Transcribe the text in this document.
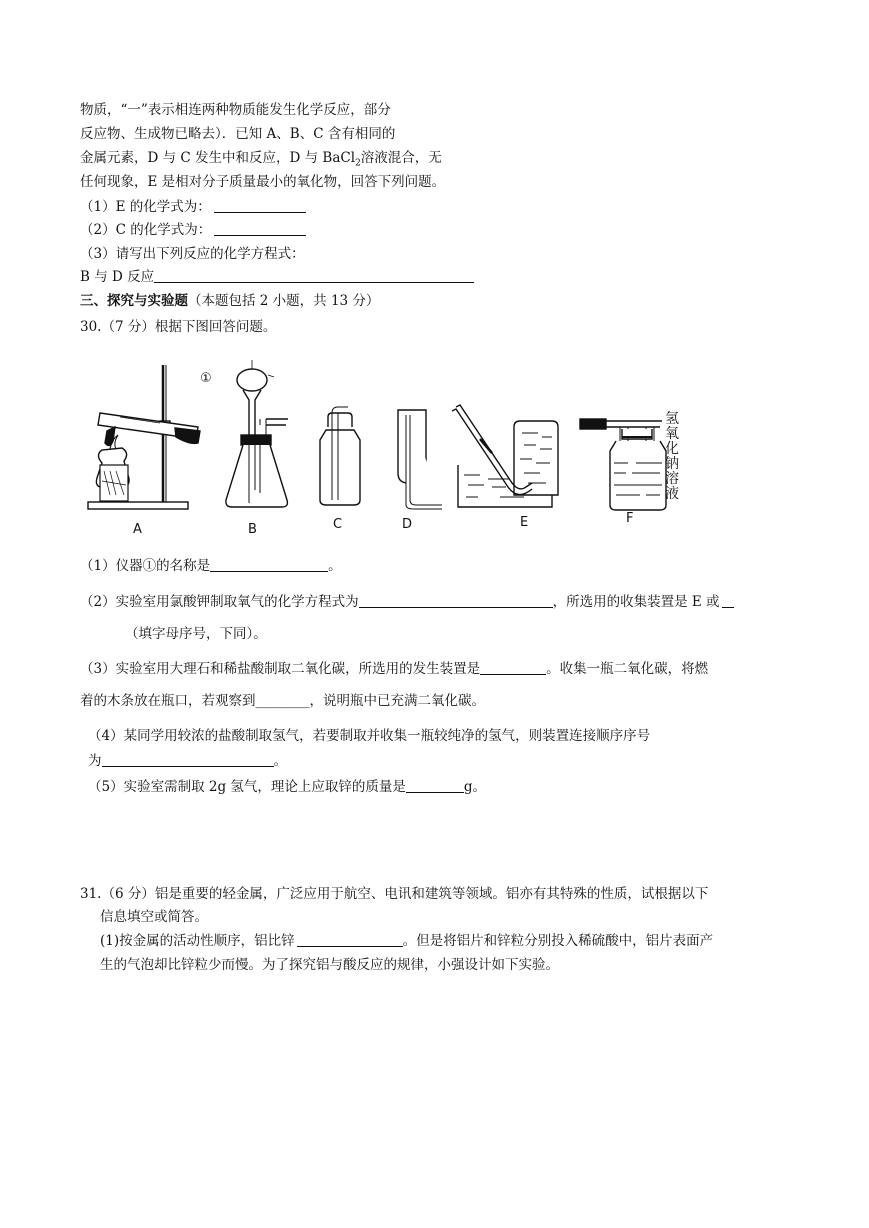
物质，“一”表示相连两种物质能发生化学反应，部分
反应物、生成物已略去）．已知 A、B、C 含有相同的
金属元素，D 与 C 发生中和反应，D 与 BaCl$_2$溶液混合，无
任何现象，E 是相对分子质量最小的氧化物，回答下列问题。
（1）E 的化学式为：
（2）C 的化学式为：
（3）请写出下列反应的化学方程式：
B 与 D 反应
三、探究与实验题（本题包括 2 小题，共 13 分）
30.（7 分）根据下图回答问题。
①
A	B	C	D	E	F
氢氧化钠溶液
（1）仪器①的名称是	。
（2）实验室用氯酸钾制取氧气的化学方程式为	，所选用的收集装置是 E 或
（填字母序号，下同）。
（3）实验室用大理石和稀盐酸制取二氧化碳，所选用的发生装置是	。收集一瓶二氧化碳，将燃
着的木条放在瓶口，若观察到________，说明瓶中已充满二氧化碳。
（4）某同学用较浓的盐酸制取氢气，若要制取并收集一瓶较纯净的氢气，则装置连接顺序序号
为	。
（5）实验室需制取 2g 氢气，理论上应取锌的质量是	g。
31.（6 分）铝是重要的轻金属，广泛应用于航空、电讯和建筑等领域。铝亦有其特殊的性质，试根据以下
信息填空或简答。
(1)按金属的活动性顺序，铝比锌	。但是将铝片和锌粒分别投入稀硫酸中，铝片表面产
生的气泡却比锌粒少而慢。为了探究铝与酸反应的规律，小强设计如下实验。
